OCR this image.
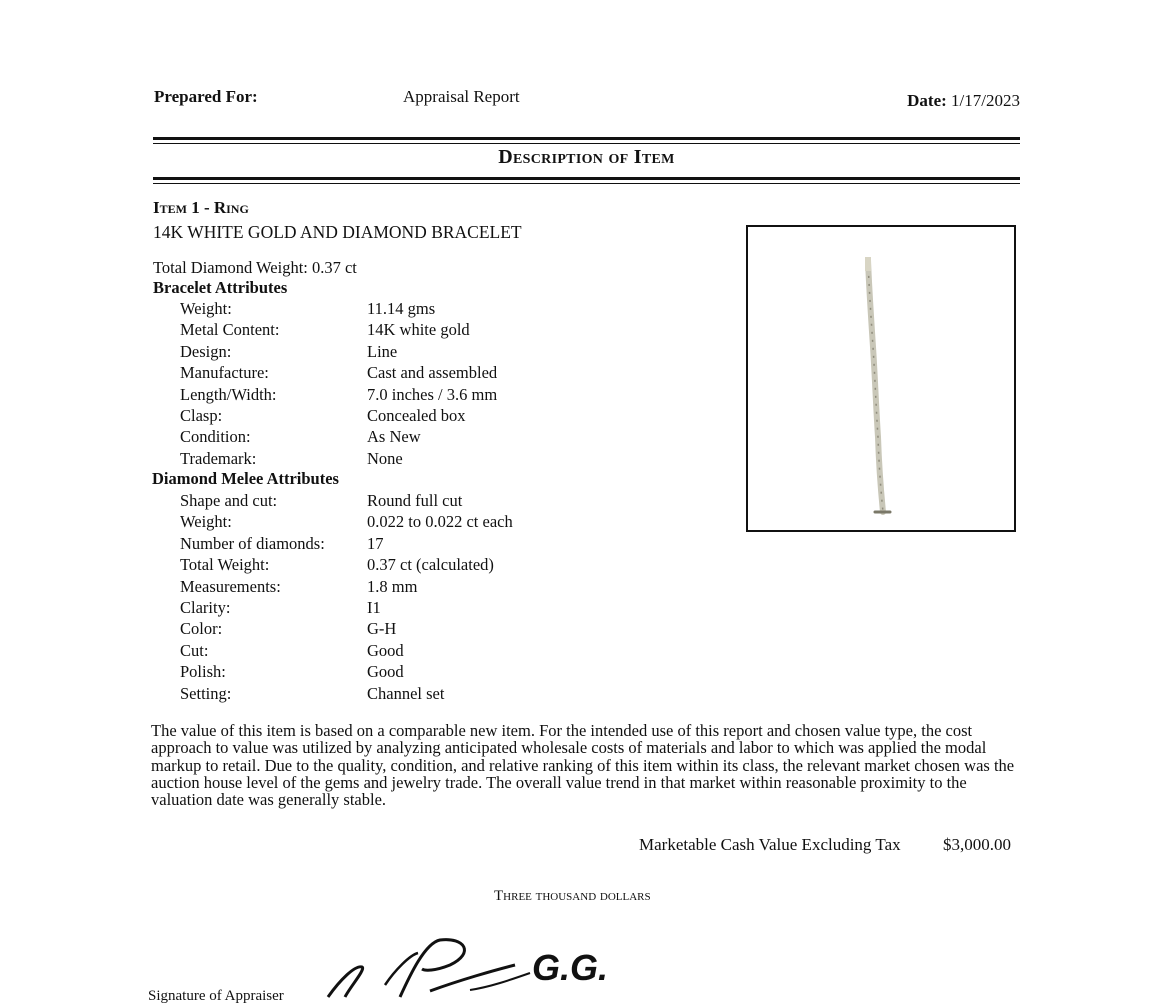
Prepared For:	Appraisal Report	Date: 1/17/2023
Description of Item
Item 1 - Ring
14K WHITE GOLD AND DIAMOND BRACELET
Total Diamond Weight: 0.37 ct
Bracelet Attributes
Weight:	11.14 gms
Metal Content:	14K white gold
Design:	Line
Manufacture:	Cast and assembled
Length/Width:	7.0 inches / 3.6 mm
Clasp:	Concealed box
Condition:	As New
Trademark:	None
Diamond Melee Attributes
Shape and cut:	Round full cut
Weight:	0.022 to 0.022 ct each
Number of diamonds:	17
Total Weight:	0.37 ct (calculated)
Measurements:	1.8 mm
Clarity:	I1
Color:	G-H
Cut:	Good
Polish:	Good
Setting:	Channel set
The value of this item is based on a comparable new item. For the intended use of this report and chosen value type, the cost approach to value was utilized by analyzing anticipated wholesale costs of materials and labor to which was applied the modal markup to retail. Due to the quality, condition, and relative ranking of this item within its class, the relevant market chosen was the auction house level of the gems and jewelry trade. The overall value trend in that market within reasonable proximity to the valuation date was generally stable.
Marketable Cash Value Excluding Tax $3,000.00
Three thousand dollars
Signature of Appraiser
G.G.
